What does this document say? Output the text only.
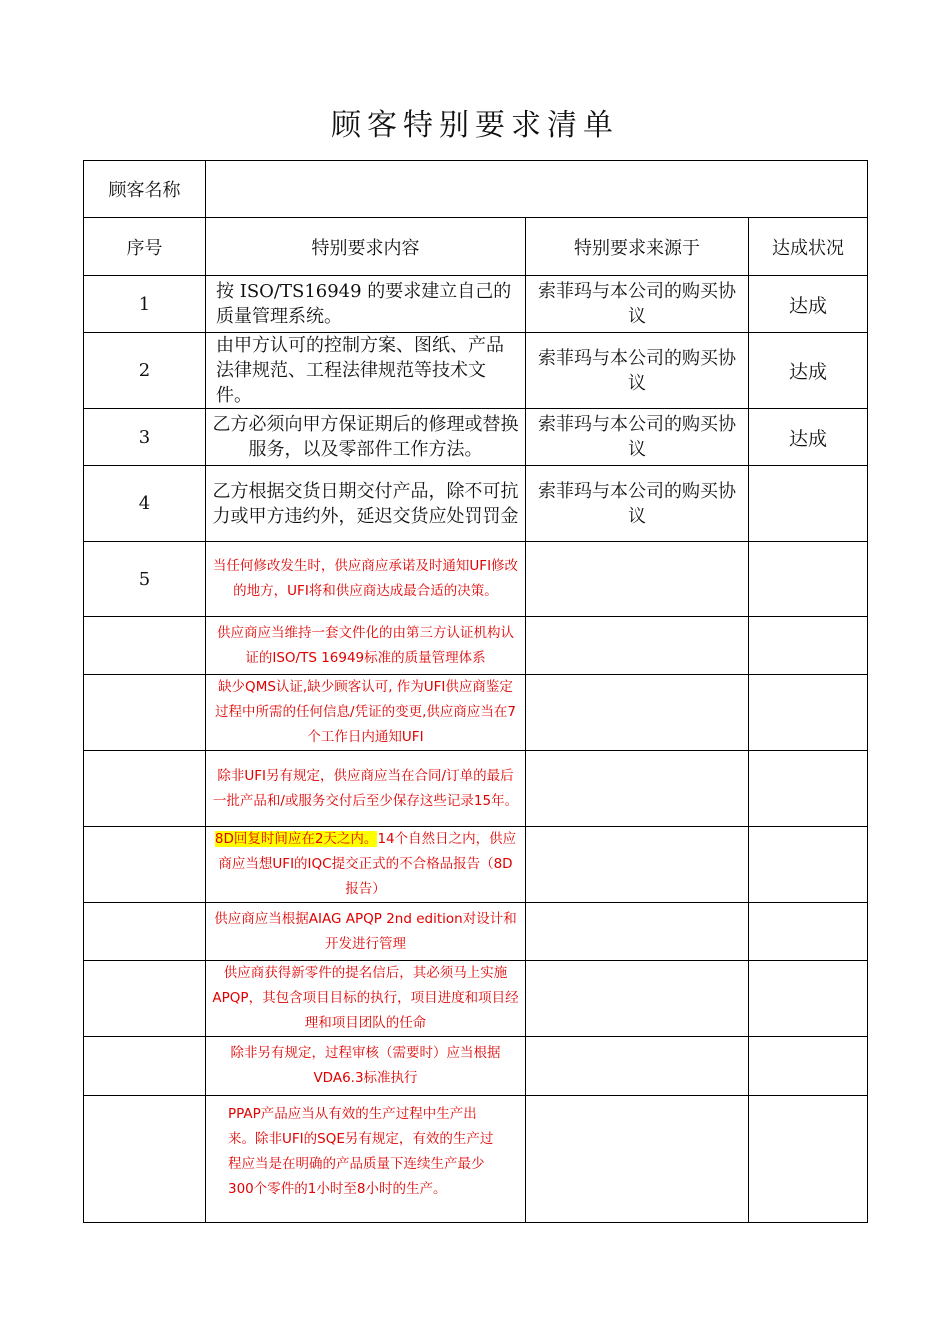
顾客特别要求清单
顾客名称			
序号	特别要求内容	特别要求来源于	达成状况
1	按 ISO/TS16949 的要求建立自己的质量管理系统。	索菲玛与本公司的购买协议	达成
2	由甲方认可的控制方案、图纸、产品法律规范、工程法律规范等技术文件。	索菲玛与本公司的购买协议	达成
3	乙方必须向甲方保证期后的修理或替换服务，以及零部件工作方法。	索菲玛与本公司的购买协议	达成
4	乙方根据交货日期交付产品，除不可抗力或甲方违约外，延迟交货应处罚罚金	索菲玛与本公司的购买协议	
5	当任何修改发生时，供应商应承诺及时通知UFI修改的地方，UFI将和供应商达成最合适的决策。		
	供应商应当维持一套文件化的由第三方认证机构认证的ISO/TS 16949标准的质量管理体系		
	缺少QMS认证,缺少顾客认可, 作为UFI供应商鉴定过程中所需的任何信息/凭证的变更,供应商应当在7个工作日内通知UFI		
	除非UFI另有规定，供应商应当在合同/订单的最后一批产品和/或服务交付后至少保存这些记录15年。		
	8D回复时间应在2天之内。14个自然日之内，供应商应当想UFI的IQC提交正式的不合格品报告（8D报告）		
	供应商应当根据AIAG APQP 2nd edition对设计和开发进行管理		
	供应商获得新零件的提名信后，其必须马上实施APQP，其包含项目目标的执行，项目进度和项目经理和项目团队的任命		
	除非另有规定，过程审核（需要时）应当根据VDA6.3标准执行		
	PPAP产品应当从有效的生产过程中生产出来。除非UFI的SQE另有规定，有效的生产过程应当是在明确的产品质量下连续生产最少300个零件的1小时至8小时的生产。		
